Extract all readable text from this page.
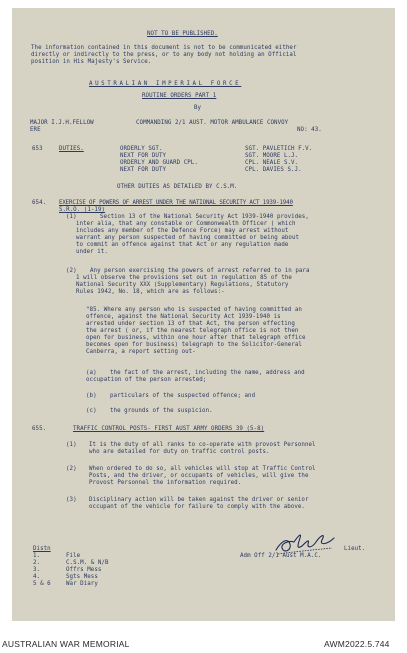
NOT TO BE PUBLISHED.
The information contained in this document is not to be communicated either
directly or indirectly to the press, or to any body not holding an Official
position in His Majesty's Service.
AUSTRALIAN IMPERIAL FORCE
ROUTINE ORDERS PART 1
By
MAJOR I.J.H.FELLOW	COMMANDING 2/1 AUST. MOTOR AMBULANCE CONVOY
ERE	NO: 43.
653	DUTIES.	ORDERLY SGT.	SGT. PAVLETICH F.V.
NEXT FOR DUTY	SGT. MOORE L.J.
ORDERLY AND GUARD CPL.	CPL. NEALE S.V.
NEXT FOR DUTY	CPL. DAVIES S.J.
OTHER DUTIES AS DETAILED BY C.S.M.
654. EXERCISE OF POWERS OF ARREST UNDER THE NATIONAL SECURITY ACT 1939-1940
S.R.O. (1-19)
(1)	Section 13 of the National Security Act 1939-1940 provides,
inter alia, that any constable or Commonwealth Officer ( which
includes any member of the Defence Force) may arrest without
warrant any person suspected of having committed or being about
to commit an offence against that Act or any regulation made
under it.
(2) Any person exercising the powers of arrest referred to in para
1 will observe the provisions set out in regulation 85 of the
National Security XXX (Supplementary) Regulations, Statutory
Rules 1942, No. 18, which are as follows:-
"85. Where any person who is suspected of having committed an
offence, against the National Security Act 1939-1940 is
arrested under section 13 of that Act, the person effecting
the arrest ( or, if the nearest telegraph office is not then
open for business, within one hour after that telegraph office
becomes open for business) telegraph to the Solicitor-General
Canberra, a report setting out-
(a) the fact of the arrest, including the name, address and
occupation of the person arrested;
(b) particulars of the suspected offence; and
(c) the grounds of the suspicion.
655.	TRAFFIC CONTROL POSTS- FIRST AUST ARMY ORDERS 39 (5-8)
(1) It is the duty of all ranks to co-operate with provost Personnel
who are detailed for duty on traffic control posts.
(2) When ordered to do so, all vehicles will stop at Traffic Control
Posts, and the driver, or occupants of vehicles, will give the
Provost Personnel the information required.
(3) Disciplinary action will be taken against the driver or senior
occupant of the vehicle for failure to comply with the above.
Lieut.
Adm Off 2/1 Aust M.A.C.
Distn
1.	File
2.	C.S.M. & N/B
3.	Offrs Mess
4.	Sgts Mess
5 & 6	War Diary
AUSTRALIAN WAR MEMORIAL	AWM2022.5.744
